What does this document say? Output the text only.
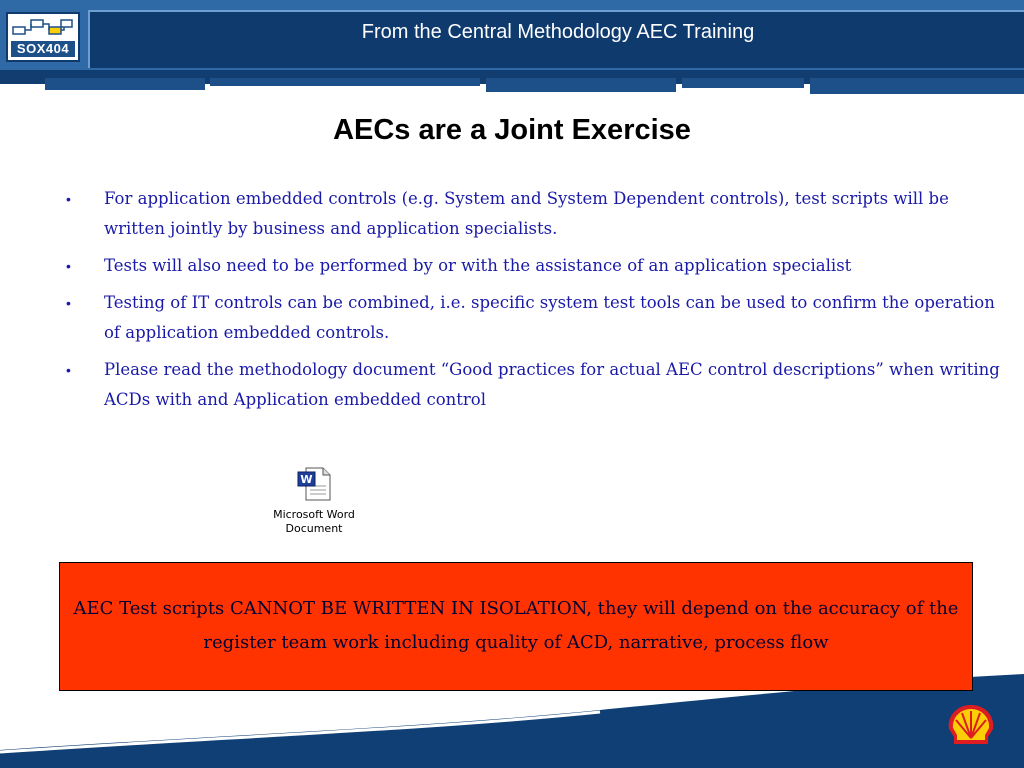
SOX404
From the Central Methodology AEC Training
AECs are a Joint Exercise
• For application embedded controls (e.g. System and System Dependent controls), test scripts will be written jointly by business and application specialists.
• Tests will also need to be performed by or with the assistance of an application specialist
• Testing of IT controls can be combined, i.e. specific system test tools can be used to confirm the operation of application embedded controls.
• Please read the methodology document “Good practices for actual AEC control descriptions” when writing ACDs with and Application embedded control
W
Microsoft Word
Document
AEC Test scripts CANNOT BE WRITTEN IN ISOLATION, they will depend on the accuracy of the register team work including quality of ACD, narrative, process flow
